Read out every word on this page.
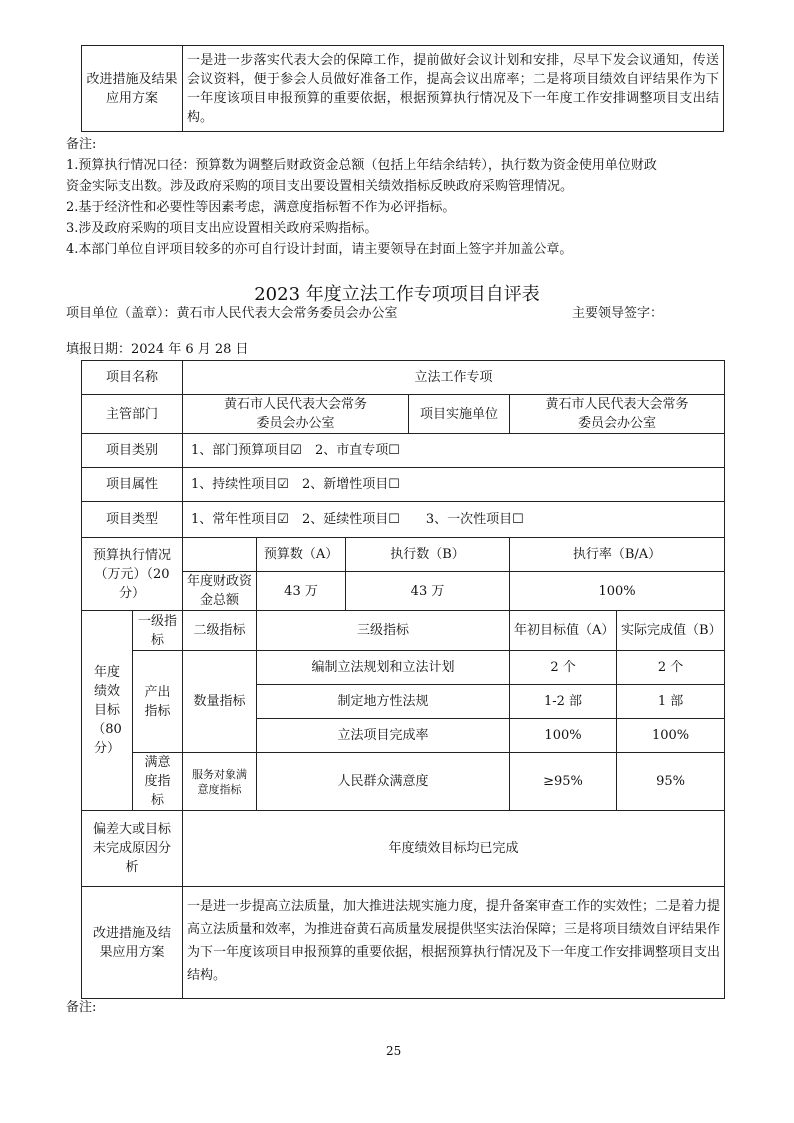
改进措施及结果应用方案	一是进一步落实代表大会的保障工作，提前做好会议计划和安排，尽早下发会议通知，传送会议资料，便于参会人员做好准备工作，提高会议出席率；二是将项目绩效自评结果作为下一年度该项目申报预算的重要依据，根据预算执行情况及下一年度工作安排调整项目支出结构。
备注:
1.预算执行情况口径：预算数为调整后财政资金总额（包括上年结余结转），执行数为资金使用单位财政
资金实际支出数。涉及政府采购的项目支出要设置相关绩效指标反映政府采购管理情况。
2.基于经济性和必要性等因素考虑，满意度指标暂不作为必评指标。
3.涉及政府采购的项目支出应设置相关政府采购指标。
4.本部门单位自评项目较多的亦可自行设计封面，请主要领导在封面上签字并加盖公章。
2023 年度立法工作专项项目自评表
项目单位（盖章）：黄石市人民代表大会常务委员会办公室	主要领导签字：
填报日期：2024 年 6 月 28 日
项目名称		立法工作专项					
主管部门		黄石市人民代表大会常务委员会办公室			项目实施单位	黄石市人民代表大会常务委员会办公室	
项目类别		1、部门预算项目☑　2、市直专项☐					
项目属性		1、持续性项目☑　2、新增性项目☐					
项目类型		1、常年性项目☑　2、延续性项目☐　　3、一次性项目☐					
预算执行情况（万元）（20分）			预算数（A）	执行数（B）		执行率（B/A）	
		年度财政资金总额	43 万	43 万		100%	
年度绩效目标（80分）	一级指标	二级指标	三级指标			年初目标值（A）	实际完成值（B）
	产出指标	数量指标	编制立法规划和立法计划			2 个	2 个
			制定地方性法规			1-2 部	1 部
			立法项目完成率			100%	100%
	满意度指标	服务对象满意度指标	人民群众满意度			≥95%	95%
偏差大或目标未完成原因分析		年度绩效目标均已完成					
改进措施及结果应用方案		一是进一步提高立法质量，加大推进法规实施力度，提升备案审查工作的实效性；二是着力提高立法质量和效率，为推进奋黄石高质量发展提供坚实法治保障；三是将项目绩效自评结果作为下一年度该项目申报预算的重要依据，根据预算执行情况及下一年度工作安排调整项目支出结构。					
备注:
25
